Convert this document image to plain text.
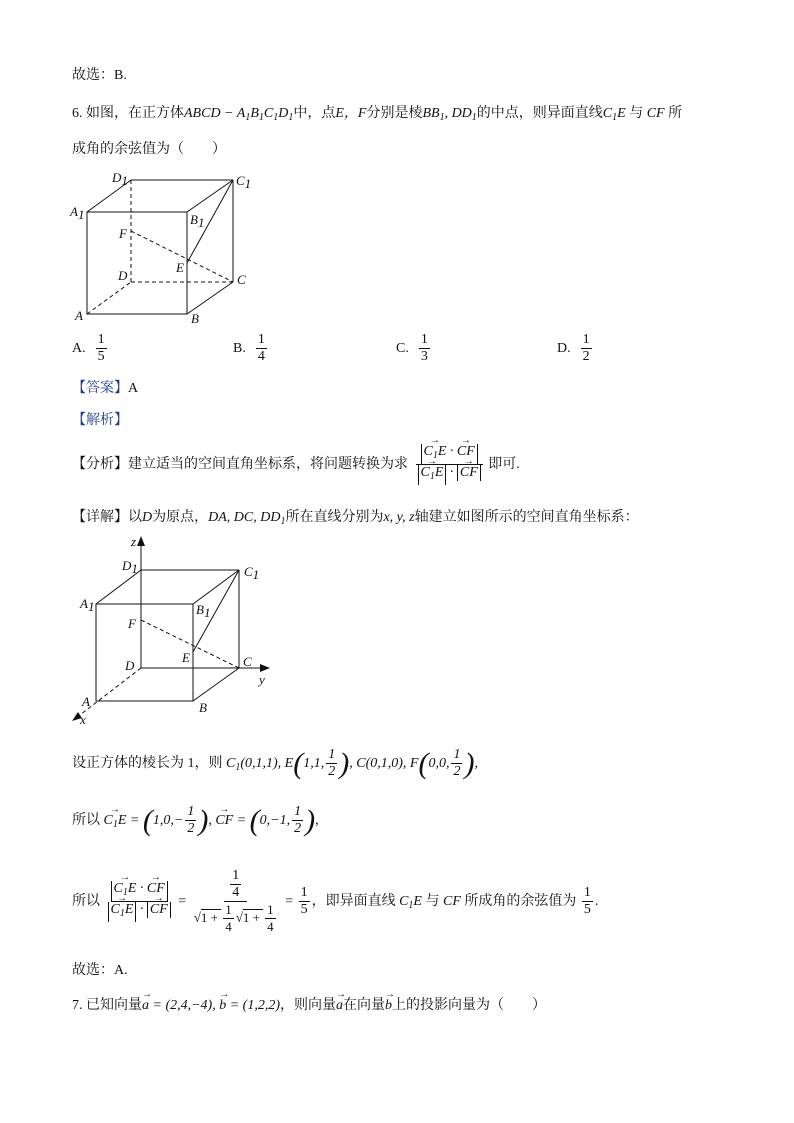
故选：B.
6. 如图，在正方体ABCD − $A_1B_1C_1D_1$中，点E，F分别是棱$BB_1$, $DD_1$的中点，则异面直线$C_1E$ 与 CF 所
成角的余弦值为（　　）
D1	C1
A1	B1
F
E
D	C
A	B
A. $\frac{1}{5}$	B. $\frac{1}{4}$	C. $\frac{1}{3}$	D. $\frac{1}{2}$
【答案】A
【解析】
【分析】建立适当的空间直角坐标系，将问题转换为求 → $C_1E$ · → CF
→ $C_1E$ · → CF 即可.
【详解】以D为原点，DA, DC, $DD_1$所在直线分别为x, y, z轴建立如图所示的空间直角坐标系：
z
D1	C1
A1	B1
F
E
D	C
y
A	B
x
设正方体的棱长为 1，则 $C_1(0,1,1)$, E(1,1, $\frac{1}{2}$ ), C(0,1,0), F(0,0, $\frac{1}{2}$ ),
所以 → $C_1E = (1,0,- \frac{1}{2}$ ), → CF = (0,−1, $\frac{1}{2}$ ),
所以 → $C_1E$ · → CF
→ $C_1E$ · → CF = $\frac{\frac{1}{4}}{√1 + \frac{1}{4} √1 + \frac{1}{4}} = \frac{1}{5}$ ，即异面直线 $C_1E$ 与 CF 所成角的余弦值为 $\frac{1}{5}$ .
故选：A.
7. 已知向量→ a = (2,4,−4), → b = (1,2,2)，则向量→ a在向量→ b上的投影向量为（　　）
